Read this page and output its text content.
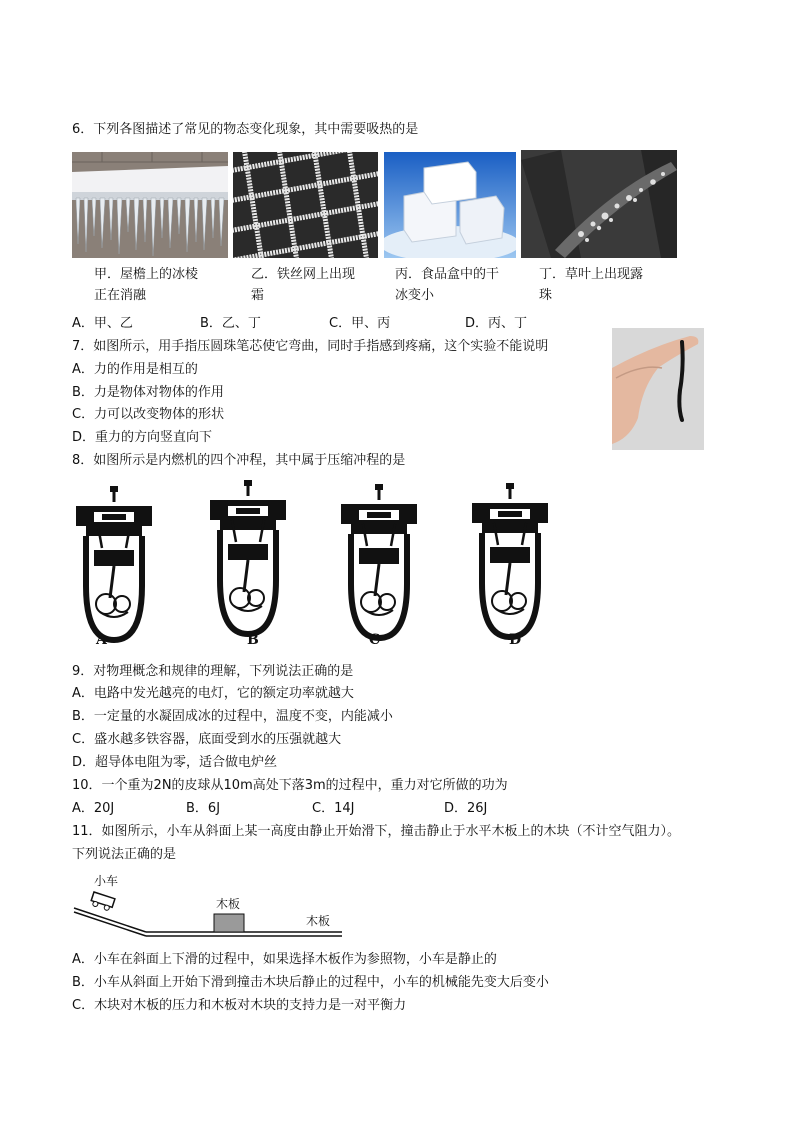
6．下列各图描述了常见的物态变化现象，其中需要吸热的是
甲．屋檐上的冰棱
正在消融
乙．铁丝网上出现
霜
丙．食品盒中的干
冰变小
丁．草叶上出现露
珠
A．甲、乙	B．乙、丁	C．甲、丙	D．丙、丁
7．如图所示，用手指压圆珠笔芯使它弯曲，同时手指感到疼痛，这个实验不能说明
A．力的作用是相互的
B．力是物体对物体的作用
C．力可以改变物体的形状
D．重力的方向竖直向下
8．如图所示是内燃机的四个冲程，其中属于压缩冲程的是
A	B	C	D
9．对物理概念和规律的理解，下列说法正确的是
A．电路中发光越亮的电灯，它的额定功率就越大
B．一定量的水凝固成冰的过程中，温度不变，内能减小
C．盛水越多铁容器，底面受到水的压强就越大
D．超导体电阻为零，适合做电炉丝
10．一个重为2N的皮球从10m高处下落3m的过程中，重力对它所做的功为
A．20J	B．6J	C．14J	D．26J
11．如图所示，小车从斜面上某一高度由静止开始滑下，撞击静止于水平木板上的木块（不计空气阻力）。
下列说法正确的是
小车
木板
木板
A．小车在斜面上下滑的过程中，如果选择木板作为参照物，小车是静止的
B．小车从斜面上开始下滑到撞击木块后静止的过程中，小车的机械能先变大后变小
C．木块对木板的压力和木板对木块的支持力是一对平衡力
